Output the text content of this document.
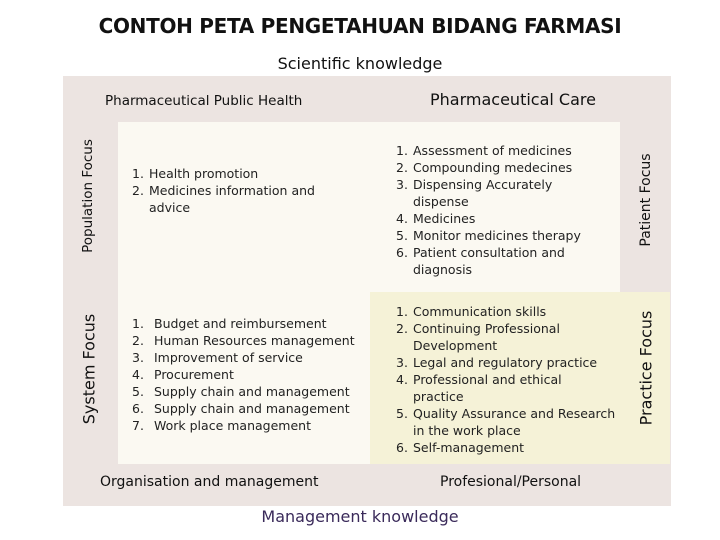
CONTOH PETA PENGETAHUAN BIDANG FARMASI
Scientific knowledge
Pharmaceutical Public Health	Pharmaceutical Care
Population Focus
System Focus
Patient Focus
Practice Focus
1. Health promotion
2. Medicines information and advice
1. Assessment of medicines
2. Compounding medecines
3. Dispensing Accurately dispense
4. Medicines
5. Monitor medicines therapy
6. Patient consultation and diagnosis
1. Budget and reimbursement
2. Human Resources management
3. Improvement of service
4. Procurement
5. Supply chain and management
6. Supply chain and management
7. Work place management
1. Communication skills
2. Continuing Professional Development
3. Legal and regulatory practice
4. Professional and ethical practice
5. Quality Assurance and Research in the work place
6. Self-management
Organisation and management	Profesional/Personal
Management knowledge
